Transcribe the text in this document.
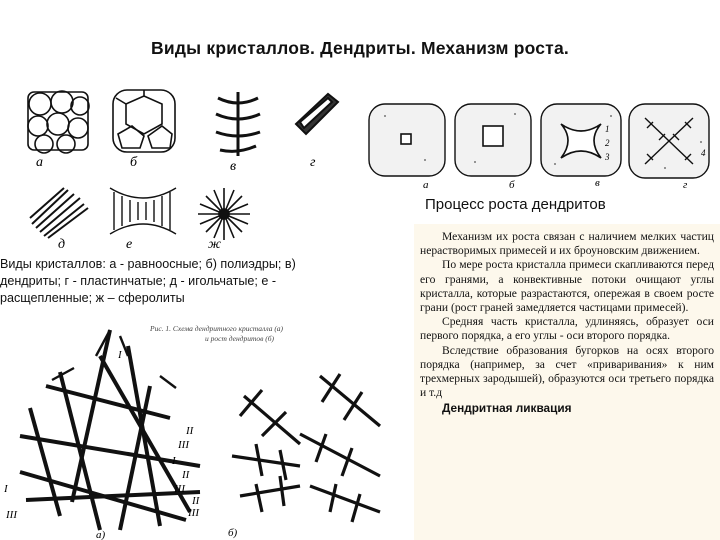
Виды кристаллов. Дендриты. Механизм роста.
а	б	в	г
д	е	ж
Виды кристаллов: а - равноосные; б) полиэдры; в) дендриты; г - пластинчатые; д - игольчатые; е - расщепленные; ж – сферолиты
а	б	в	г
1
2
3	4
Процесс роста дендритов
Рис. 1. Схема дендритного кристалла (а)
и рост дендритов (б)
I
II
III
I
II
III
II
III
I
III
а)	б)

Механизм их роста связан с наличием мелких частиц нерастворимых примесей и их броуновским движением.

По мере роста кристалла примеси скапливаются перед его гранями, а конвективные потоки очищают углы кристалла, которые разрастаются, опережая в своем росте грани (рост граней замедляется частицами примесей).

Средняя часть кристалла, удлиняясь, образует оси первого порядка, а его углы - оси второго порядка.

Вследствие образования бугорков на осях второго порядка (например, за счет «приваривания» к ним трехмерных зародышей), образуются оси третьего порядка и т.д

Дендритная ликвация
